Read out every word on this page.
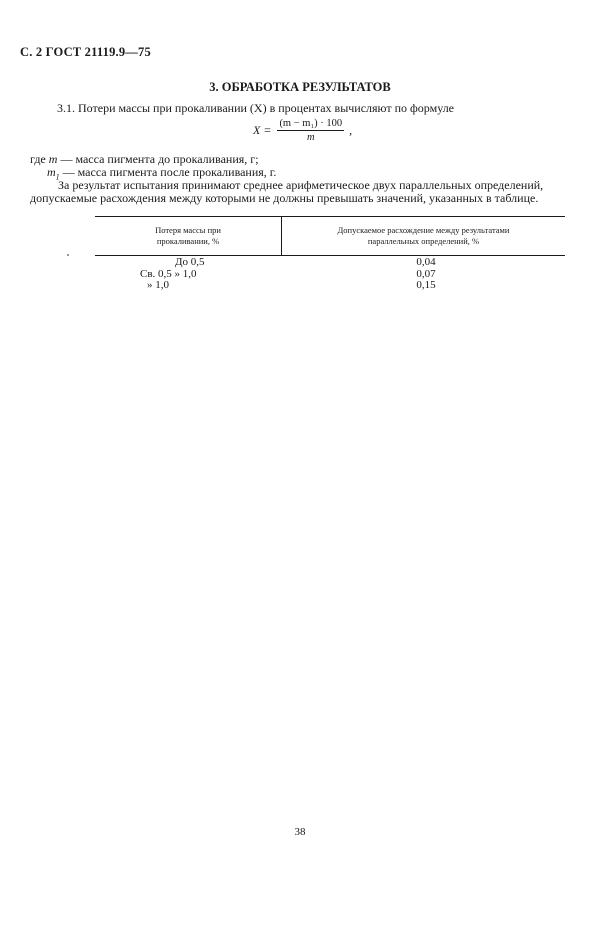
С. 2 ГОСТ 21119.9—75
3. ОБРАБОТКА РЕЗУЛЬТАТОВ
3.1. Потери массы при прокаливании (X) в процентах вычисляют по формуле
$X = \frac{\text{(m − m₁) · 100}}{m}$ ,
где m — масса пигмента до прокаливания, г;
$m_1$ — масса пигмента после прокаливания, г.
За результат испытания принимают среднее арифметическое двух параллельных определений,
допускаемые расхождения между которыми не должны превышать значений, указанных в таблице.
Потеря массы при
прокаливании, %
Допускаемое расхождение между результатами
параллельных определений, %
До 0,5	0,04
Св. 0,5 » 1,0	0,07
» 1,0	0,15
38
